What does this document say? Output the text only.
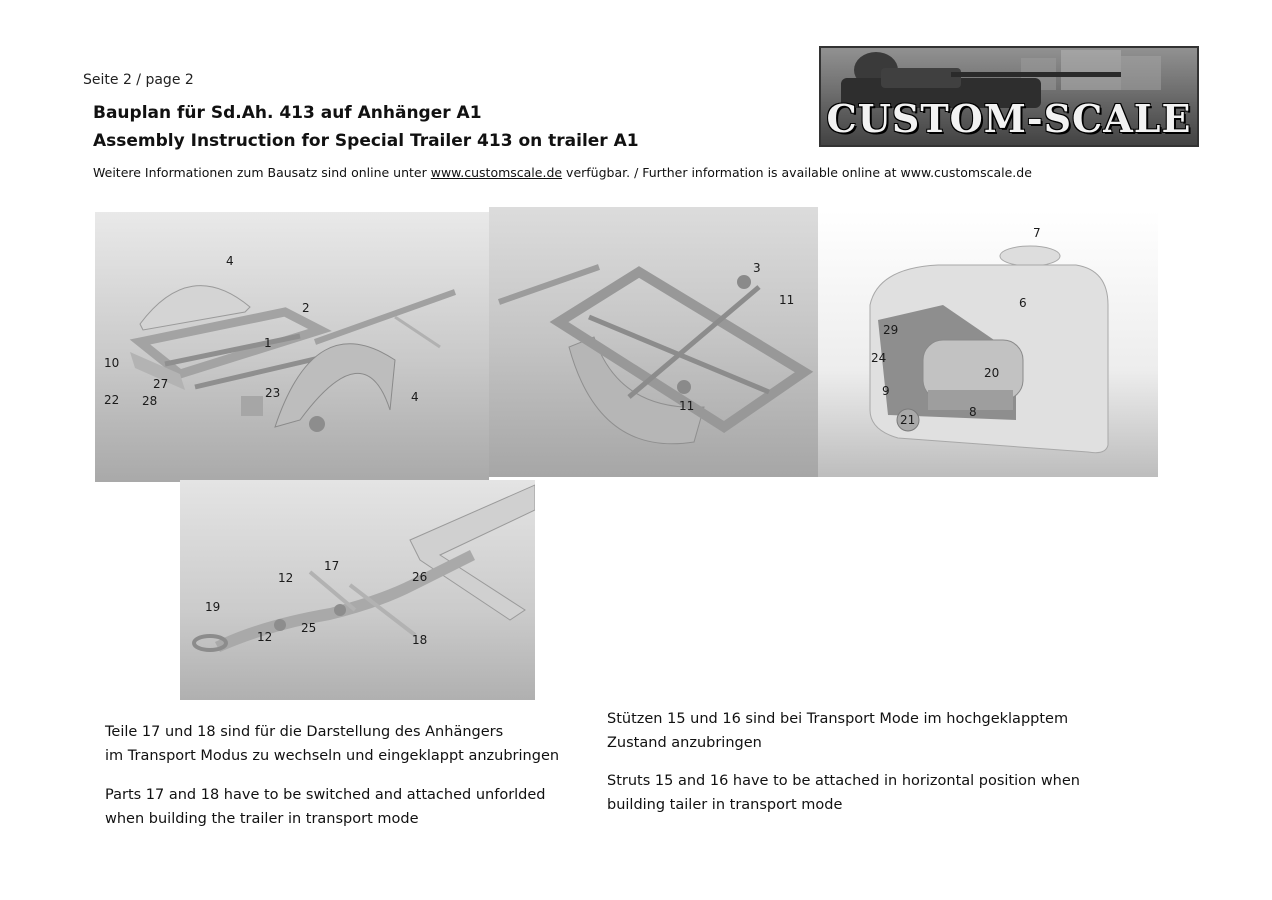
Seite 2 / page 2
Bauplan für Sd.Ah. 413 auf Anhänger A1
Assembly Instruction for Special Trailer 413 on trailer A1
Weitere Informationen zum Bausatz sind online unter www.customscale.de verfügbar. / Further information is available online at www.customscale.de
CUSTOM-SCALE
4
2
1
10
27
22 28
23	4
3
11
11
7
6
29
24
9
20
8
21
17
12	26
19
12
25
18

Teile 17 und 18 sind für die Darstellung des Anhängers
im Transport Modus zu wechseln und eingeklappt anzubringen

Parts 17 and 18 have to be switched and attached unforlded
when building the trailer in transport mode

Stützen 15 und 16 sind bei Transport Mode im hochgeklapptem
Zustand anzubringen

Struts 15 and 16 have to be attached in horizontal position when
building tailer in transport mode
